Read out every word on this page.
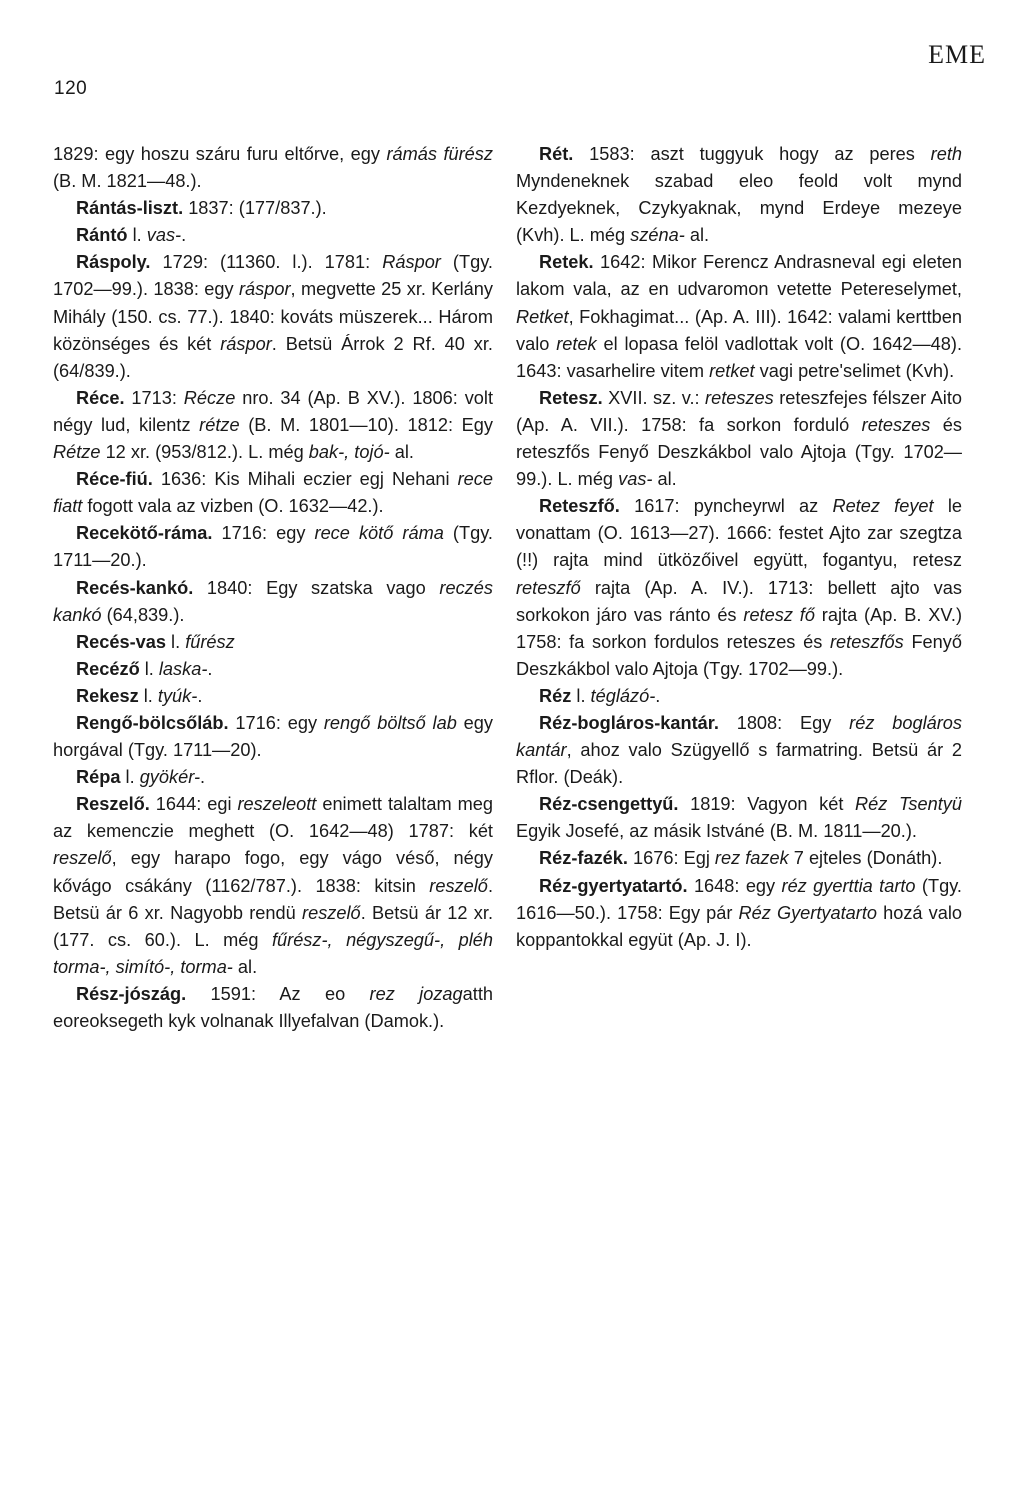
120
EME

1829: egy hoszu száru furu eltőrve, egy rámás fürész (B. M. 1821—48.).

Rántás-liszt. 1837: (177/837.).

Rántó l. vas-.

Ráspoly. 1729: (11360. l.). 1781: Ráspor (Tgy. 1702—99.). 1838: egy ráspor, megvette 25 xr. Kerlány Mihály (150. cs. 77.). 1840: kováts müszerek... Három közönséges és két ráspor. Betsü Árrok 2 Rf. 40 xr. (64/839.).

Réce. 1713: Récze nro. 34 (Ap. B XV.). 1806: volt négy lud, kilentz rétze (B. M. 1801—10). 1812: Egy Rétze 12 xr. (953/812.). L. még bak-, tojó- al.

Réce-fiú. 1636: Kis Mihali eczier egj Nehani rece fiatt fogott vala az vizben (O. 1632—42.).

Recekötő-ráma. 1716: egy rece kötő ráma (Tgy. 1711—20.).

Recés-kankó. 1840: Egy szatska vago reczés kankó (64,839.).

Recés-vas l. fűrész

Recéző l. laska-.

Rekesz l. tyúk-.

Rengő-bölcsőláb. 1716: egy rengő böltső lab egy horgával (Tgy. 1711—20).

Répa l. gyökér-.

Reszelő. 1644: egi reszeleott enimett talaltam meg az kemenczie meghett (O. 1642—48) 1787: két reszelő, egy harapo fogo, egy vágo véső, négy kővágo csákány (1162/787.). 1838: kitsin reszelő. Betsü ár 6 xr. Nagyobb rendü reszelő. Betsü ár 12 xr. (177. cs. 60.). L. még fűrész-, négyszegű-, pléh torma-, simító-, torma- al.

Rész-jószág. 1591: Az eo rez jozagatth eoreoksegeth kyk volnanak Illyefalvan (Damok.).

Rét. 1583: aszt tuggyuk hogy az peres reth Myndeneknek szabad eleo feold volt mynd Kezdyeknek, Czykyaknak, mynd Erdeye mezeye (Kvh). L. még széna- al.

Retek. 1642: Mikor Ferencz Andrasneval egi eleten lakom vala, az en udvaromon vetette Petereselymet, Retket, Fokhagimat... (Ap. A. III). 1642: valami kerttben valo retek el lopasa felöl vadlottak volt (O. 1642—48). 1643: vasarhelire vitem retket vagi petre'selimet (Kvh).

Retesz. XVII. sz. v.: reteszes reteszfejes félszer Aito (Ap. A. VII.). 1758: fa sorkon forduló reteszes és reteszfős Fenyő Deszkákbol valo Ajtoja (Tgy. 1702—99.). L. még vas- al.

Reteszfő. 1617: pyncheyrwl az Retez feyet le vonattam (O. 1613—27). 1666: festet Ajto zar szegtza (!!) rajta mind ütközőivel együtt, fogantyu, retesz reteszfő rajta (Ap. A. IV.). 1713: bellett ajto vas sorkokon járo vas ránto és retesz fő rajta (Ap. B. XV.) 1758: fa sorkon fordulos reteszes és reteszfős Fenyő Deszkákbol valo Ajtoja (Tgy. 1702—99.).

Réz l. téglázó-.

Réz-bogláros-kantár. 1808: Egy réz bogláros kantár, ahoz valo Szügyellő s farmatring. Betsü ár 2 Rflor. (Deák).

Réz-csengettyű. 1819: Vagyon két Réz Tsentyü Egyik Josefé, az másik Istváné (B. M. 1811—20.).

Réz-fazék. 1676: Egj rez fazek 7 ejteles (Donáth).

Réz-gyertyatartó. 1648: egy réz gyerttia tarto (Tgy. 1616—50.). 1758: Egy pár Réz Gyertyatarto hozá valo koppantokkal együt (Ap. J. I).
